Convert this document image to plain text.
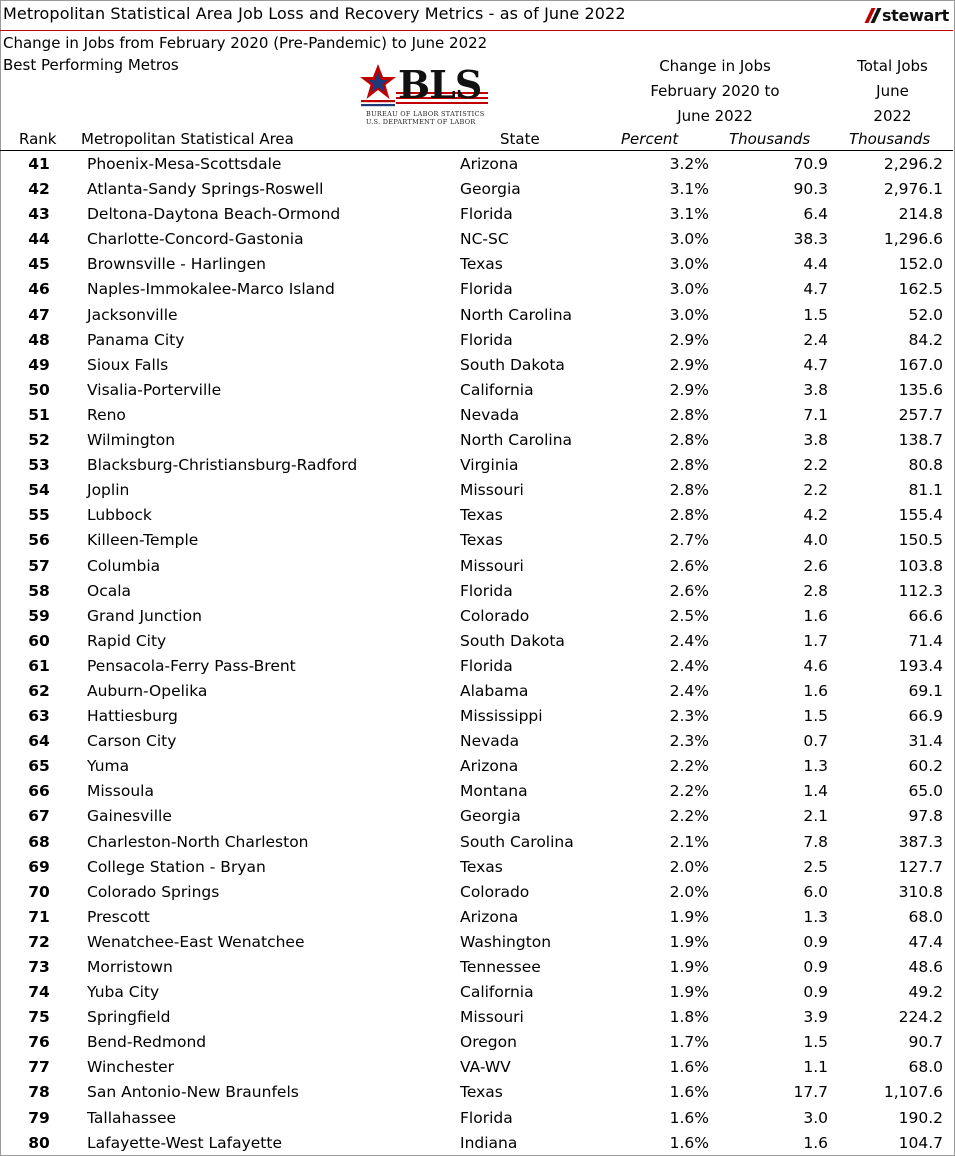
Metropolitan Statistical Area Job Loss and Recovery Metrics - as of June 2022	stewart
Change in Jobs from February 2020 (Pre-Pandemic) to June 2022
Best Performing Metros	BLS
BUREAU OF LABOR STATISTICS
U.S. DEPARTMENT OF LABOR
Change in Jobs
February 2020 to
June 2022
Total Jobs
June
2022
Rank Metropolitan Statistical Area	State	Percent	Thousands	Thousands
41	Phoenix-Mesa-Scottsdale	Arizona	3.2%	70.9	2,296.2
42	Atlanta-Sandy Springs-Roswell	Georgia	3.1%	90.3	2,976.1
43	Deltona-Daytona Beach-Ormond	Florida	3.1%	6.4	214.8
44	Charlotte-Concord-Gastonia	NC-SC	3.0%	38.3	1,296.6
45	Brownsville - Harlingen	Texas	3.0%	4.4	152.0
46	Naples-Immokalee-Marco Island	Florida	3.0%	4.7	162.5
47	Jacksonville	North Carolina	3.0%	1.5	52.0
48	Panama City	Florida	2.9%	2.4	84.2
49	Sioux Falls	South Dakota	2.9%	4.7	167.0
50	Visalia-Porterville	California	2.9%	3.8	135.6
51	Reno	Nevada	2.8%	7.1	257.7
52	Wilmington	North Carolina	2.8%	3.8	138.7
53	Blacksburg-Christiansburg-Radford	Virginia	2.8%	2.2	80.8
54	Joplin	Missouri	2.8%	2.2	81.1
55	Lubbock	Texas	2.8%	4.2	155.4
56	Killeen-Temple	Texas	2.7%	4.0	150.5
57	Columbia	Missouri	2.6%	2.6	103.8
58	Ocala	Florida	2.6%	2.8	112.3
59	Grand Junction	Colorado	2.5%	1.6	66.6
60	Rapid City	South Dakota	2.4%	1.7	71.4
61	Pensacola-Ferry Pass-Brent	Florida	2.4%	4.6	193.4
62	Auburn-Opelika	Alabama	2.4%	1.6	69.1
63	Hattiesburg	Mississippi	2.3%	1.5	66.9
64	Carson City	Nevada	2.3%	0.7	31.4
65	Yuma	Arizona	2.2%	1.3	60.2
66	Missoula	Montana	2.2%	1.4	65.0
67	Gainesville	Georgia	2.2%	2.1	97.8
68	Charleston-North Charleston	South Carolina	2.1%	7.8	387.3
69	College Station - Bryan	Texas	2.0%	2.5	127.7
70	Colorado Springs	Colorado	2.0%	6.0	310.8
71	Prescott	Arizona	1.9%	1.3	68.0
72	Wenatchee-East Wenatchee	Washington	1.9%	0.9	47.4
73	Morristown	Tennessee	1.9%	0.9	48.6
74	Yuba City	California	1.9%	0.9	49.2
75	Springfield	Missouri	1.8%	3.9	224.2
76	Bend-Redmond	Oregon	1.7%	1.5	90.7
77	Winchester	VA-WV	1.6%	1.1	68.0
78	San Antonio-New Braunfels	Texas	1.6%	17.7	1,107.6
79	Tallahassee	Florida	1.6%	3.0	190.2
80	Lafayette-West Lafayette	Indiana	1.6%	1.6	104.7
